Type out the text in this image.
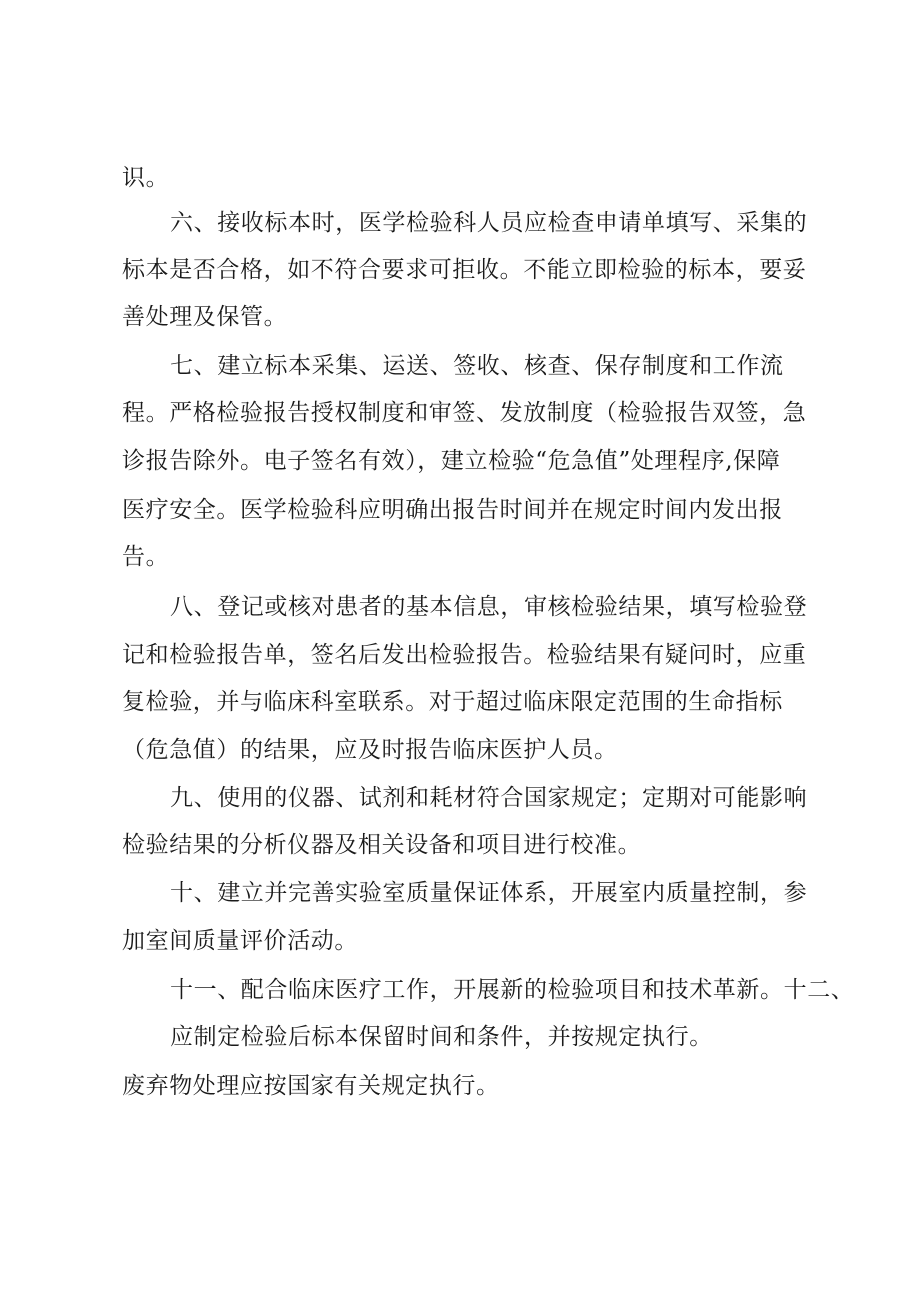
识。
六、接收标本时，医学检验科人员应检查申请单填写、采集的
标本是否合格，如不符合要求可拒收。不能立即检验的标本，要妥
善处理及保管。
七、建立标本采集、运送、签收、核查、保存制度和工作流
程。严格检验报告授权制度和审签、发放制度（检验报告双签，急
诊报告除外。电子签名有效），建立检验“危急值”处理程序,保障
医疗安全。医学检验科应明确出报告时间并在规定时间内发出报
告。
八、登记或核对患者的基本信息，审核检验结果，填写检验登
记和检验报告单，签名后发出检验报告。检验结果有疑问时，应重
复检验，并与临床科室联系。对于超过临床限定范围的生命指标
（危急值）的结果，应及时报告临床医护人员。
九、使用的仪器、试剂和耗材符合国家规定；定期对可能影响
检验结果的分析仪器及相关设备和项目进行校准。
十、建立并完善实验室质量保证体系，开展室内质量控制，参
加室间质量评价活动。
十一、配合临床医疗工作，开展新的检验项目和技术革新。十二、
应制定检验后标本保留时间和条件，并按规定执行。
废弃物处理应按国家有关规定执行。
